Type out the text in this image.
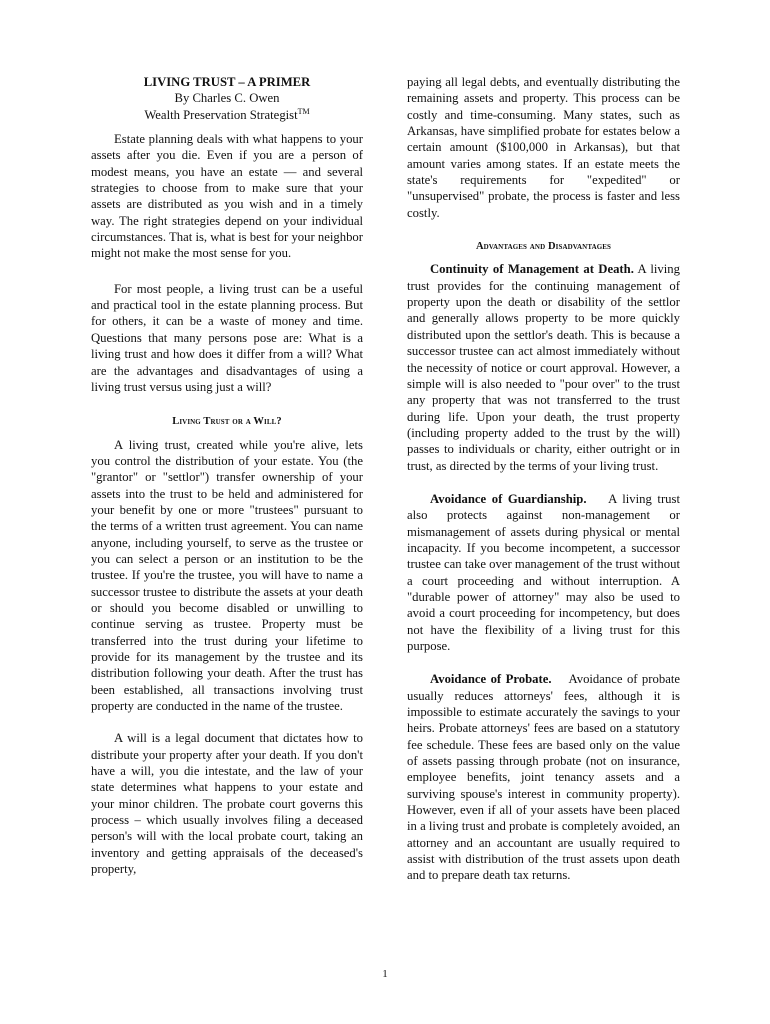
LIVING TRUST – A PRIMER
By Charles C. Owen
Wealth Preservation Strategist™

Estate planning deals with what happens to your assets after you die. Even if you are a person of modest means, you have an estate — and several strategies to choose from to make sure that your assets are distributed as you wish and in a timely way. The right strategies depend on your individual circumstances. That is, what is best for your neighbor might not make the most sense for you.

For most people, a living trust can be a useful and practical tool in the estate planning process. But for others, it can be a waste of money and time. Questions that many persons pose are: What is a living trust and how does it differ from a will? What are the advantages and disadvantages of using a living trust versus using just a will?

Living Trust or a Will?

A living trust, created while you're alive, lets you control the distribution of your estate. You (the "grantor" or "settlor") transfer ownership of your assets into the trust to be held and administered for your benefit by one or more "trustees" pursuant to the terms of a written trust agreement. You can name anyone, including yourself, to serve as the trustee or you can select a person or an institution to be the trustee. If you're the trustee, you will have to name a successor trustee to distribute the assets at your death or should you become disabled or unwilling to continue serving as trustee. Property must be transferred into the trust during your lifetime to provide for its management by the trustee and its distribution following your death. After the trust has been established, all transactions involving trust property are conducted in the name of the trustee.

A will is a legal document that dictates how to distribute your property after your death. If you don't have a will, you die intestate, and the law of your state determines what happens to your estate and your minor children. The probate court governs this process – which usually involves filing a deceased person's will with the local probate court, taking an inventory and getting appraisals of the deceased's property,

paying all legal debts, and eventually distributing the remaining assets and property. This process can be costly and time-consuming. Many states, such as Arkansas, have simplified probate for estates below a certain amount ($100,000 in Arkansas), but that amount varies among states. If an estate meets the state's requirements for "expedited" or "unsupervised" probate, the process is faster and less costly.

Advantages and Disadvantages

Continuity of Management at Death. A living trust provides for the continuing management of property upon the death or disability of the settlor and generally allows property to be more quickly distributed upon the settlor's death. This is because a successor trustee can act almost immediately without the necessity of notice or court approval. However, a simple will is also needed to "pour over" to the trust any property that was not transferred to the trust during life. Upon your death, the trust property (including property added to the trust by the will) passes to individuals or charity, either outright or in trust, as directed by the terms of your living trust.

Avoidance of Guardianship.    A living trust also protects against non-management or mismanagement of assets during physical or mental incapacity. If you become incompetent, a successor trustee can take over management of the trust without a court proceeding and without interruption. A "durable power of attorney" may also be used to avoid a court proceeding for incompetency, but does not have the flexibility of a living trust for this purpose.

Avoidance of Probate.    Avoidance of probate usually reduces attorneys' fees, although it is impossible to estimate accurately the savings to your heirs. Probate attorneys' fees are based on a statutory fee schedule. These fees are based only on the value of assets passing through probate (not on insurance, employee benefits, joint tenancy assets and a surviving spouse's interest in community property). However, even if all of your assets have been placed in a living trust and probate is completely avoided, an attorney and an accountant are usually required to assist with distribution of the trust assets upon death and to prepare death tax returns.

1
